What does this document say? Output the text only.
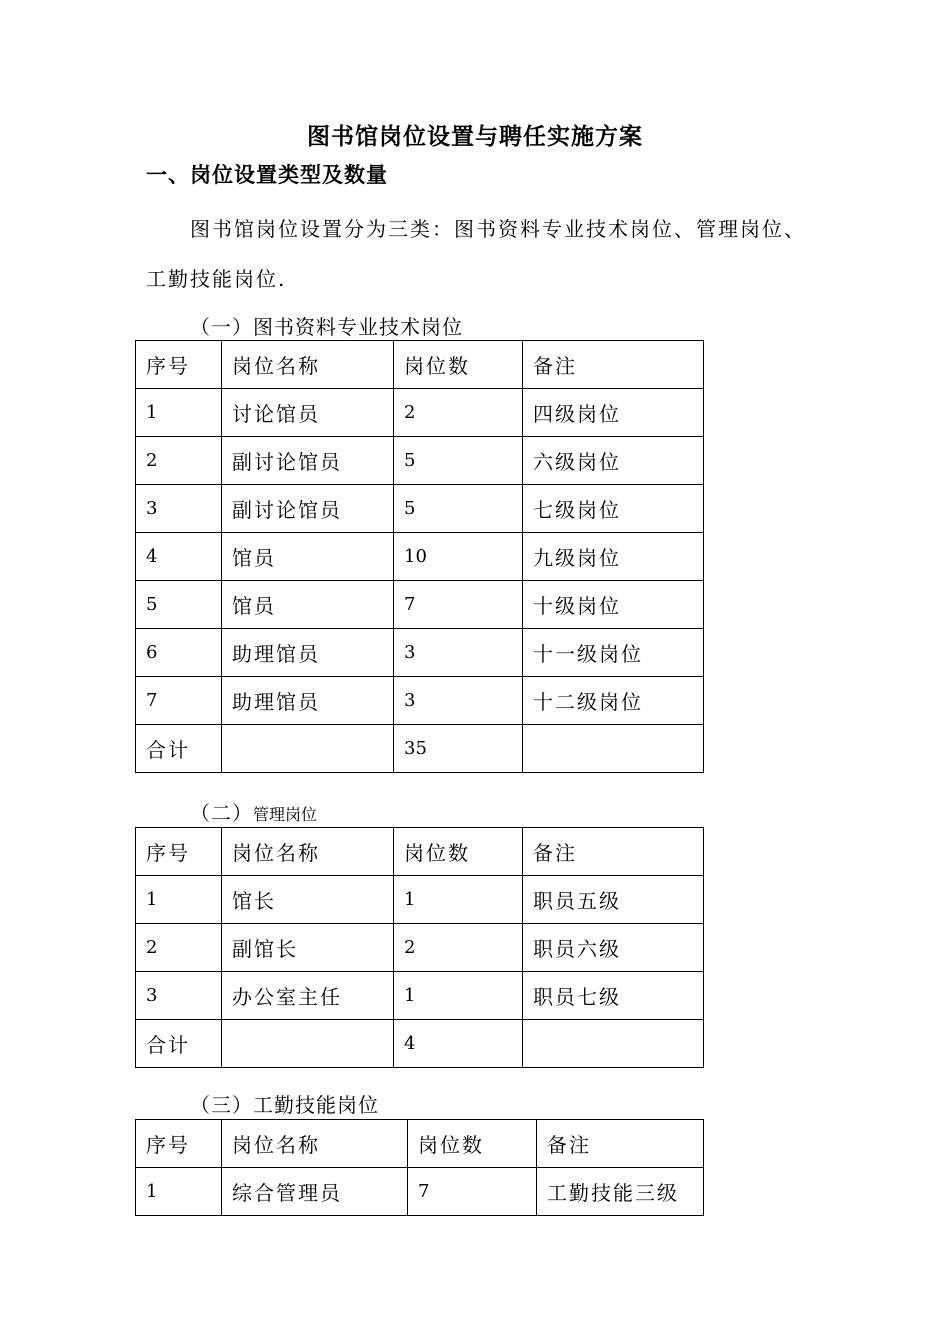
图书馆岗位设置与聘任实施方案
一、岗位设置类型及数量
图书馆岗位设置分为三类：图书资料专业技术岗位、管理岗位、
工勤技能岗位.
（一）图书资料专业技术岗位
序号	岗位名称	岗位数	备注
1	讨论馆员	2	四级岗位
2	副讨论馆员	5	六级岗位
3	副讨论馆员	5	七级岗位
4	馆员	10	九级岗位
5	馆员	7	十级岗位
6	助理馆员	3	十一级岗位
7	助理馆员	3	十二级岗位
合计		35	
（二）管理岗位
序号	岗位名称	岗位数	备注
1	馆长	1	职员五级
2	副馆长	2	职员六级
3	办公室主任	1	职员七级
合计		4	
（三）工勤技能岗位
序号	岗位名称	岗位数	备注
1	综合管理员	7	工勤技能三级
